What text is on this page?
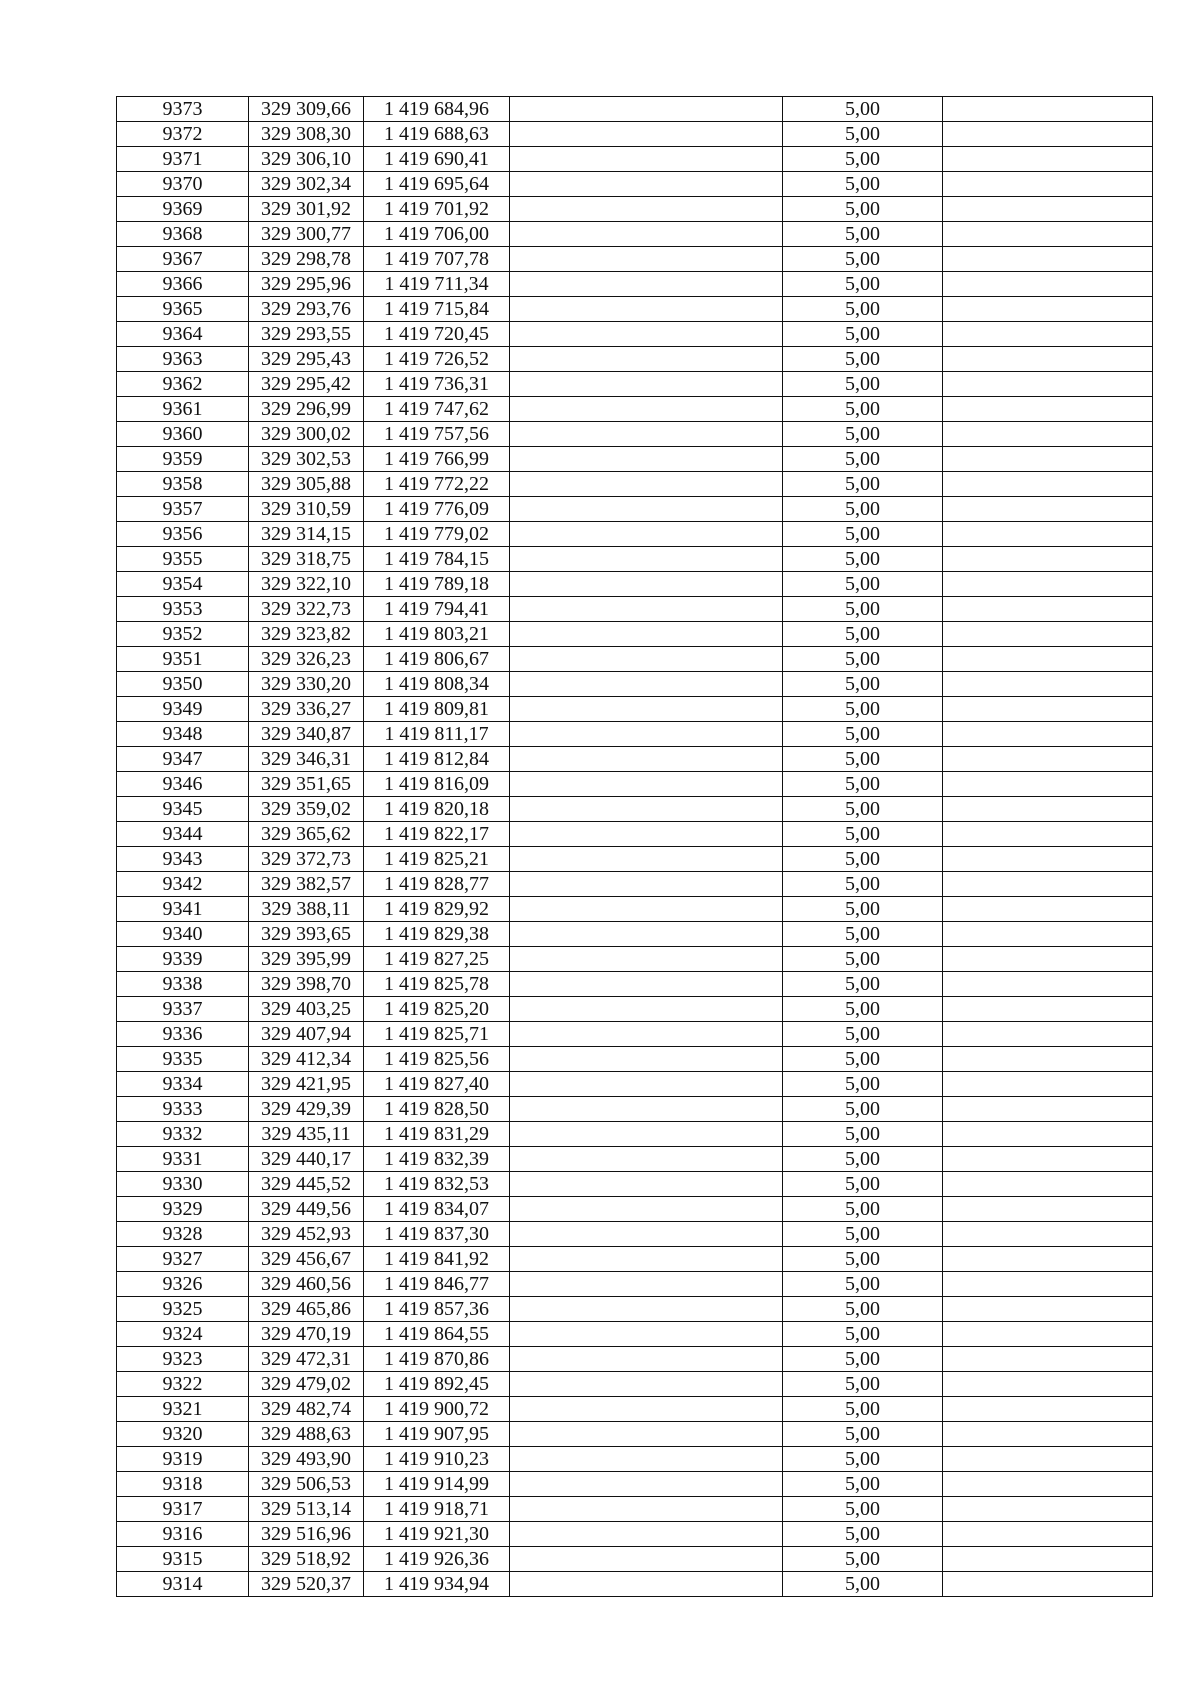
9373	329 309,66	1 419 684,96		5,00	
9372	329 308,30	1 419 688,63		5,00	
9371	329 306,10	1 419 690,41		5,00	
9370	329 302,34	1 419 695,64		5,00	
9369	329 301,92	1 419 701,92		5,00	
9368	329 300,77	1 419 706,00		5,00	
9367	329 298,78	1 419 707,78		5,00	
9366	329 295,96	1 419 711,34		5,00	
9365	329 293,76	1 419 715,84		5,00	
9364	329 293,55	1 419 720,45		5,00	
9363	329 295,43	1 419 726,52		5,00	
9362	329 295,42	1 419 736,31		5,00	
9361	329 296,99	1 419 747,62		5,00	
9360	329 300,02	1 419 757,56		5,00	
9359	329 302,53	1 419 766,99		5,00	
9358	329 305,88	1 419 772,22		5,00	
9357	329 310,59	1 419 776,09		5,00	
9356	329 314,15	1 419 779,02		5,00	
9355	329 318,75	1 419 784,15		5,00	
9354	329 322,10	1 419 789,18		5,00	
9353	329 322,73	1 419 794,41		5,00	
9352	329 323,82	1 419 803,21		5,00	
9351	329 326,23	1 419 806,67		5,00	
9350	329 330,20	1 419 808,34		5,00	
9349	329 336,27	1 419 809,81		5,00	
9348	329 340,87	1 419 811,17		5,00	
9347	329 346,31	1 419 812,84		5,00	
9346	329 351,65	1 419 816,09		5,00	
9345	329 359,02	1 419 820,18		5,00	
9344	329 365,62	1 419 822,17		5,00	
9343	329 372,73	1 419 825,21		5,00	
9342	329 382,57	1 419 828,77		5,00	
9341	329 388,11	1 419 829,92		5,00	
9340	329 393,65	1 419 829,38		5,00	
9339	329 395,99	1 419 827,25		5,00	
9338	329 398,70	1 419 825,78		5,00	
9337	329 403,25	1 419 825,20		5,00	
9336	329 407,94	1 419 825,71		5,00	
9335	329 412,34	1 419 825,56		5,00	
9334	329 421,95	1 419 827,40		5,00	
9333	329 429,39	1 419 828,50		5,00	
9332	329 435,11	1 419 831,29		5,00	
9331	329 440,17	1 419 832,39		5,00	
9330	329 445,52	1 419 832,53		5,00	
9329	329 449,56	1 419 834,07		5,00	
9328	329 452,93	1 419 837,30		5,00	
9327	329 456,67	1 419 841,92		5,00	
9326	329 460,56	1 419 846,77		5,00	
9325	329 465,86	1 419 857,36		5,00	
9324	329 470,19	1 419 864,55		5,00	
9323	329 472,31	1 419 870,86		5,00	
9322	329 479,02	1 419 892,45		5,00	
9321	329 482,74	1 419 900,72		5,00	
9320	329 488,63	1 419 907,95		5,00	
9319	329 493,90	1 419 910,23		5,00	
9318	329 506,53	1 419 914,99		5,00	
9317	329 513,14	1 419 918,71		5,00	
9316	329 516,96	1 419 921,30		5,00	
9315	329 518,92	1 419 926,36		5,00	
9314	329 520,37	1 419 934,94		5,00	
